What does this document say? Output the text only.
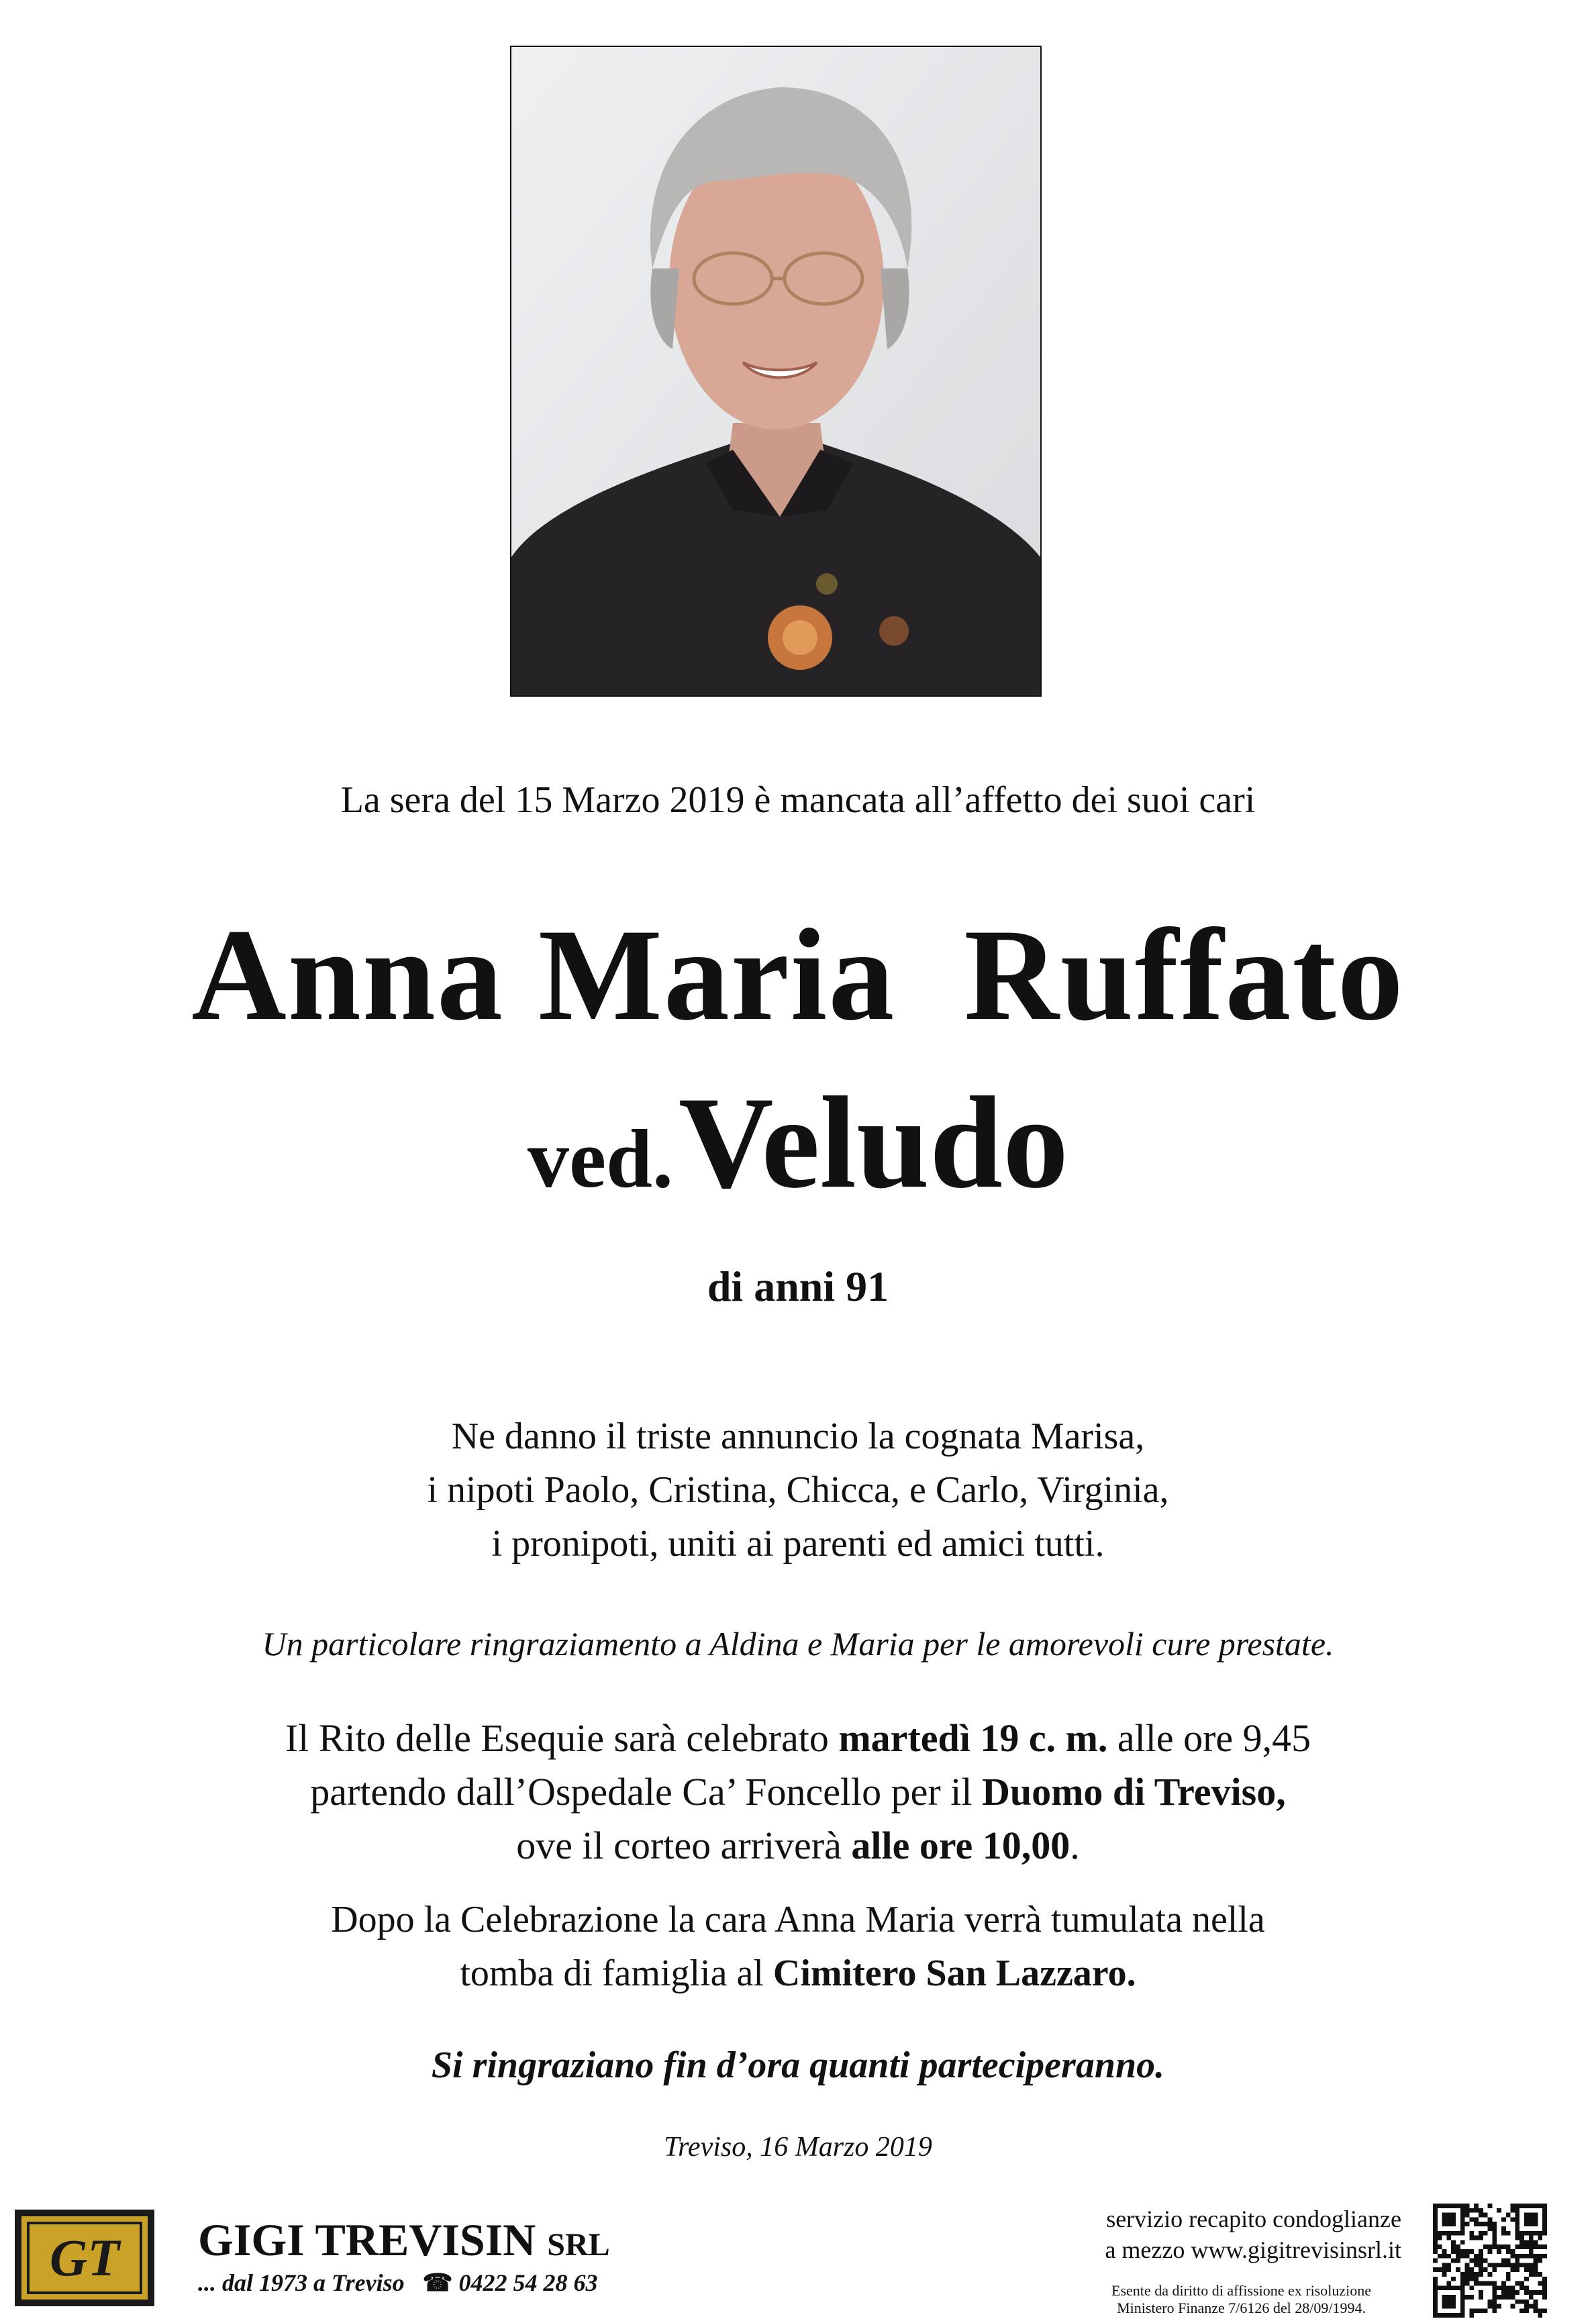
La sera del 15 Marzo 2019 è mancata all’affetto dei suoi cari
Anna Maria  Ruffato
ved.  Veludo
di anni 91
Ne danno il triste annuncio la cognata Marisa,
i nipoti Paolo, Cristina, Chicca, e Carlo, Virginia,
i pronipoti, uniti ai parenti ed amici tutti.
Un particolare ringraziamento a Aldina e Maria per le amorevoli cure prestate.
Il Rito delle Esequie sarà celebrato martedì 19 c. m. alle ore 9,45
partendo dall’Ospedale Ca’ Foncello per il Duomo di Treviso,
ove il corteo arriverà alle ore 10,00.
Dopo la Celebrazione la cara Anna Maria verrà tumulata nella
tomba di famiglia al Cimitero San Lazzaro.
Si ringraziano fin d’ora quanti parteciperanno.
Treviso, 16 Marzo 2019
GT GIGI TREVISIN SRL
... dal 1973 a Treviso ☎ 0422 54 28 63
servizio recapito condoglianze
a mezzo www.gigitrevisinsrl.it
Esente da diritto di affissione ex risoluzione
Ministero Finanze 7/6126 del 28/09/1994.
